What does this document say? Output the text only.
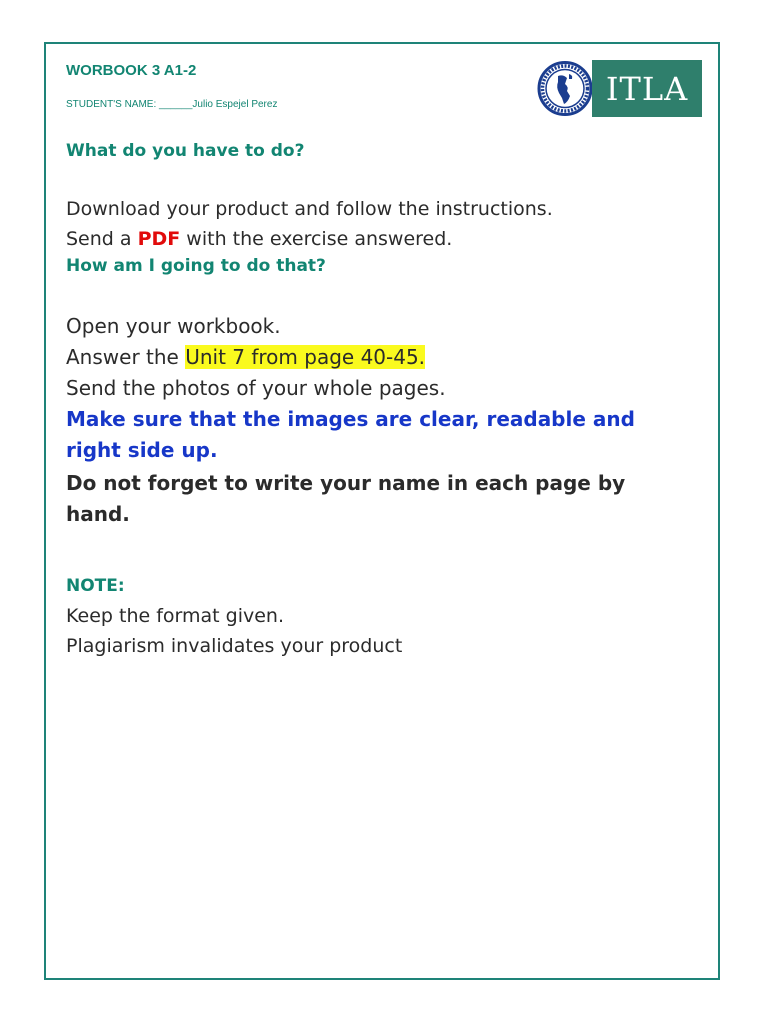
WORBOOK 3 A1-2
STUDENT'S NAME: ______Julio Espejel Perez	ITLA
What do you have to do?
Download your product and follow the instructions.
Send a PDF with the exercise answered.
How am I going to do that?
Open your workbook.
Answer the Unit 7 from page 40-45.
Send the photos of your whole pages.
Make sure that the images are clear, readable and
right side up.
Do not forget to write your name in each page by
hand.
NOTE:
Keep the format given.
Plagiarism invalidates your product
